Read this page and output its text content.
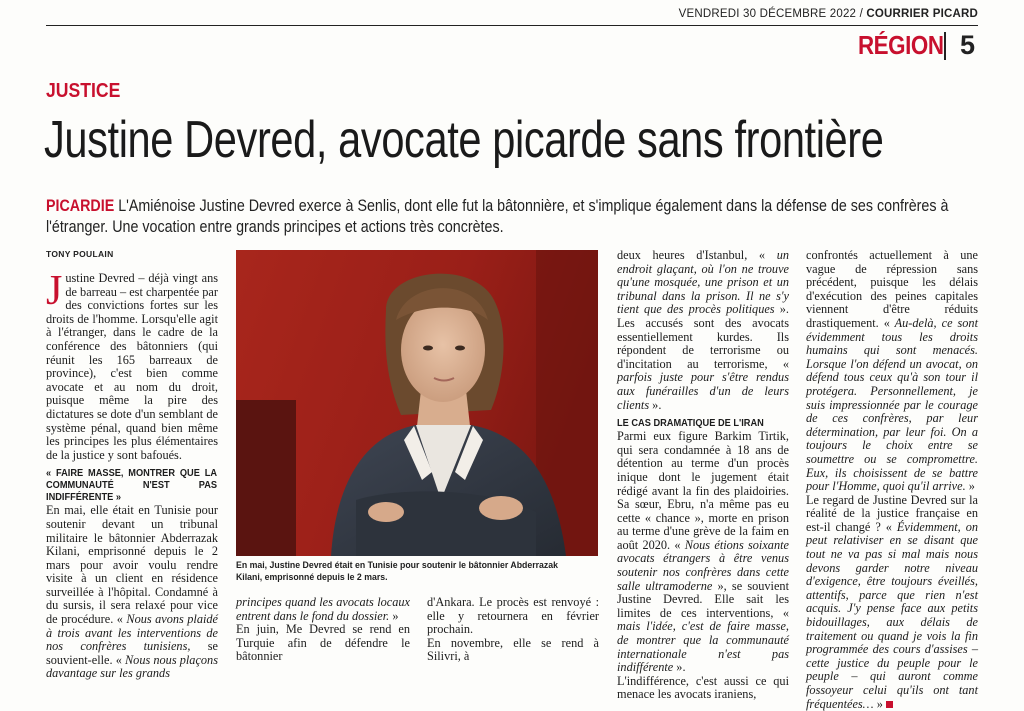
VENDREDI 30 DÉCEMBRE 2022 / COURRIER PICARD
RÉGION 5
JUSTICE
Justine Devred, avocate picarde sans frontière
PICARDIE L'Amiénoise Justine Devred exerce à Senlis, dont elle fut la bâtonnière, et s'implique également dans la défense de ses confrères à l'étranger. Une vocation entre grands principes et actions très concrètes.
TONY POULAIN

Justine Devred – déjà vingt ans de barreau – est charpentée par des convictions fortes sur les droits de l'homme. Lorsqu'elle agit à l'étranger, dans le cadre de la conférence des bâtonniers (qui réunit les 165 barreaux de province), c'est bien comme avocate et au nom du droit, puisque même la pire des dictatures se dote d'un semblant de système pénal, quand bien même les principes les plus élémentaires de la justice y sont bafoués.

« FAIRE MASSE, MONTRER QUE LA COMMUNAUTÉ N'EST PAS INDIFFÉRENTE »

En mai, elle était en Tunisie pour soutenir devant un tribunal militaire le bâtonnier Abderrazak Kilani, emprisonné depuis le 2 mars pour avoir voulu rendre visite à un client en résidence surveillée à l'hôpital. Condamné à du sursis, il sera relaxé pour vice de procédure. « Nous avons plaidé à trois avant les interventions de nos confrères tunisiens, se souvient-elle. « Nous nous plaçons davantage sur les grands

En mai, Justine Devred était en Tunisie pour soutenir le bâtonnier Abderrazak Kilani, emprisonné depuis le 2 mars.

principes quand les avocats locaux entrent dans le fond du dossier. »

En juin, Me Devred se rend en Turquie afin de défendre le bâtonnier

d'Ankara. Le procès est renvoyé : elle y retournera en février prochain.

En novembre, elle se rend à Silivri, à

deux heures d'Istanbul, « un endroit glaçant, où l'on ne trouve qu'une mosquée, une prison et un tribunal dans la prison. Il ne s'y tient que des procès politiques ». Les accusés sont des avocats essentiellement kurdes. Ils répondent de terrorisme ou d'incitation au terrorisme, « parfois juste pour s'être rendus aux funérailles d'un de leurs clients ».

LE CAS DRAMATIQUE DE L'IRAN

Parmi eux figure Barkim Tirtik, qui sera condamnée à 18 ans de détention au terme d'un procès inique dont le jugement était rédigé avant la fin des plaidoiries. Sa sœur, Ebru, n'a même pas eu cette « chance », morte en prison au terme d'une grève de la faim en août 2020. « Nous étions soixante avocats étrangers à être venus soutenir nos confrères dans cette salle ultramoderne », se souvient Justine Devred. Elle sait les limites de ces interventions, « mais l'idée, c'est de faire masse, de montrer que la communauté internationale n'est pas indifférente ».

L'indifférence, c'est aussi ce qui menace les avocats iraniens,

confrontés actuellement à une vague de répression sans précédent, puisque les délais d'exécution des peines capitales viennent d'être réduits drastiquement. « Au-delà, ce sont évidemment tous les droits humains qui sont menacés. Lorsque l'on défend un avocat, on défend tous ceux qu'à son tour il protégera. Personnellement, je suis impressionnée par le courage de ces confrères, par leur détermination, par leur foi. On a toujours le choix entre se soumettre ou se compromettre. Eux, ils choisissent de se battre pour l'Homme, quoi qu'il arrive. »

Le regard de Justine Devred sur la réalité de la justice française en est-il changé ? « Évidemment, on peut relativiser en se disant que tout ne va pas si mal mais nous devons garder notre niveau d'exigence, être toujours éveillés, attentifs, parce que rien n'est acquis. J'y pense face aux petits bidouillages, aux délais de traitement ou quand je vois la fin programmée des cours d'assises – cette justice du peuple pour le peuple – qui auront comme fossoyeur celui qu'ils ont tant fréquentées… »
